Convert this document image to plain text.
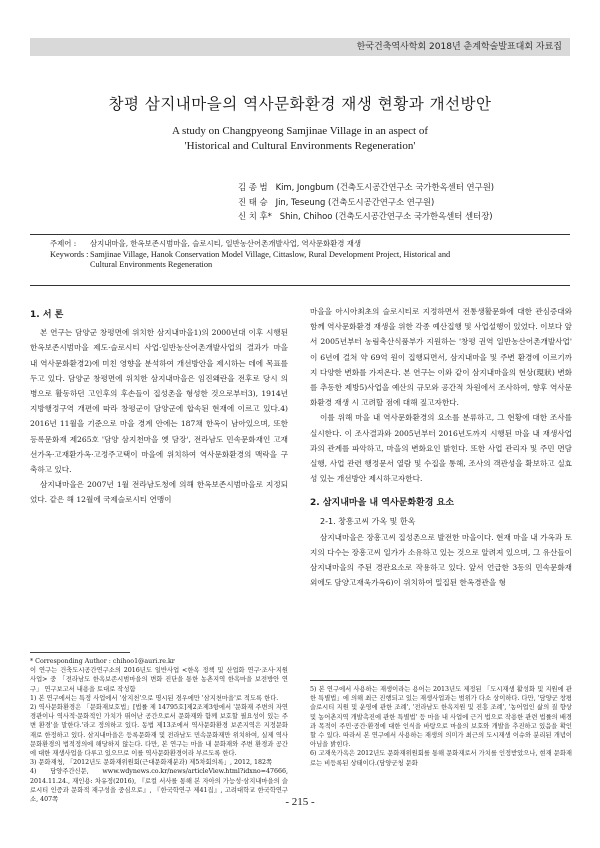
한국건축역사학회 2018년 춘계학술발표대회 자료집
창평 삼지내마을의 역사문화환경 재생 현황과 개선방안
A study on Changpyeong Samjinae Village in an aspect of
'Historical and Cultural Environments Regeneration'
김 종 범 Kim, Jongbum (건축도시공간연구소 국가한옥센터 연구원)
진 태 승 Jin, Teseung (건축도시공간연구소 연구원)
신 치 후* Shin, Chihoo (건축도시공간연구소 국가한옥센터 센터장)
주제어 :	삼지내마을, 한옥보존시범마을, 슬로시티, 일반농산어촌개발사업, 역사문화환경 재생
Keywords : Samjinae Village, Hanok Conservation Model Village, Cittaslow, Rural Development Project, Historical and
Cultural Environments Regeneration
1. 서 론

본 연구는 담양군 창평면에 위치한 삼지내마을1)의 2000년대 이후 시행된 한옥보존시범마을 제도·슬로시티 사업·일반농산어촌개발사업의 결과가 마을 내 역사문화환경2)에 미친 영향을 분석하여 개선방안을 제시하는 데에 목표를 두고 있다. 담양군 창평면에 위치한 삼지내마을은 임진왜란을 전후로 당시 의병으로 활동하던 고인후의 후손들이 집성촌을 형성한 것으로부터3), 1914년 지방행정구역 개편에 따라 창평군이 담양군에 합속된 현재에 이르고 있다.4) 2016년 11월을 기준으로 마을 경계 안에는 187채 한옥이 남아있으며, 또한 등록문화재 제265호 '담양 삼지천마을 옛 담장', 전라남도 민속문화재인 고재선가옥·고재환가옥·고정주고택이 마을에 위치하여 역사문화환경의 맥락을 구축하고 있다.

삼지내마을은 2007년 1월 전라남도청에 의해 한옥보존시범마을로 지정되었다. 같은 해 12월에 국제슬로시티 연맹이

마을을 아시아최초의 슬로시티로 지정하면서 전통생활문화에 대한 관심증대와 함께 역사문화환경 재생을 위한 각종 예산집행 및 사업설행이 있었다. 이보다 앞서 2005년부터 농림축산식품부가 지원하는 '창평 권역 일반농산어촌개발사업' 이 6년에 걸쳐 약 69억 원이 집행되면서, 삼지내마을 및 주변 환경에 이르기까지 다양한 변화를 가져온다. 본 연구는 이와 같이 삼지내마을의 현상(現狀) 변화를 추동한 제방5)사업을 예산의 규모와 공간적 차원에서 조사하여, 향후 역사문화환경 재생 시 고려할 점에 대해 짚고자한다.

이를 위해 마을 내 역사문화환경의 요소를 분류하고, 그 현황에 대한 조사를 실시한다. 이 조사결과와 2005년부터 2016년도까지 시행된 마을 내 재생사업과의 관계를 파악하고, 마을의 변화요인 밝힌다. 또한 사업 관리자 및 주민 면담 실행, 사업 관련 행정문서 열람 및 수집을 통해, 조사의 객관성을 확보하고 실효성 있는 개선방안 제시하고자한다.

2. 삼지내마을 내 역사문화환경 요소
2-1. 창흥고씨 가옥 및 한옥

삼지내마을은 장흥고씨 집성촌으로 발전한 마을이다. 현재 마을 내 가옥과 토지의 다수는 장흥고씨 일가가 소유하고 있는 것으로 알려져 있으며, 그 유산들이 삼지내마을의 주된 경관요소로 작용하고 있다. 앞서 언급한 3동의 민속문화재 외에도 담양고재욱가옥6)이 위치하여 밀집된 한옥경관을 형

* Corresponding Author : chihoo1@auri.re.kr
이 연구는 건축도시공간연구소의 2016년도 일반사업 <한옥 정책 및 산업화 연구·조사·지원 사업> 중 「전라남도 한옥보존시범마을의 변화 진단을 통한 농촌지역 한옥마을 보전방안 연구」 연구보고서 내용을 토대로 작성함
1) 본 연구에서는 특정 사업에서 '삼지천'으로 명시된 경우에만 '삼지천마을'로 적도록 한다.
2) 역사문화환경은 「문화재보호법」[법률 제 14795호]제2조제3항에서 '문화재 주변의 자연경관이나 역사적·문화적인 가치가 뛰어난 공간으로서 문화재와 함께 보호할 필요성이 있는 주변 환경'을 말한다.'라고 정의하고 있다. 동법 제13조에서 역사문화환경 보존지역은 지정문화재로 한정하고 있다. 삼지내마을은 등록문화재 및 전라남도 민속문화재만 위치하여, 실제 역사문화환경의 법적정의에 해당하지 않는다. 다만, 본 연구는 마을 내 문화재와 주변 환경과 공간에 대한 재생사업을 다루고 있으므로 이를 역사문화환경이라 부르도록 한다.
3) 문화재청, 「2012년도 문화재위원회(근대문화재분과) 제5차회의록」, 2012, 182쪽
4) 담양주간신문, www.wdynews.co.kr/news/articleView.html?idxno=47666, 2014.11.24., 재인용: 차유정(2016), 『로컬 서사를 통해 본 자아의 가능성·삼지내마을의 슬로시티 인증과 문화적 재구성을 중심으로』, 『한국학연구 제41집』, 고려대학교 한국학연구소, 407쪽
5) 본 연구에서 사용하는 재생이라는 용어는 2013년도 제정된 「도시재생 활성화 및 지원에 관한 특별법」에 의해 최근 진행되고 있는 재생사업과는 범위가 다소 상이하다. 다만, '담양군 창평슬로시티 지원 및 운영에 관한 조례', '전라남도 한옥지원 및 진흥 조례', '농어업인 삶의 질 향상 및 농어촌지역 개발촉진에 관한 특별법' 등 마을 내 사업에 근거 법으로 작용한 관련 법률의 배경과 목적이 주민·공간·환경에 대한 인식을 바탕으로 마을의 보호와 개발을 추진하고 있음을 확인할 수 있다. 따라서 본 연구에서 사용하는 재생의 의미가 최근의 도시재생 이슈와 분리된 개념이 아님을 밝힌다.
6) 고재욱가옥은 2012년도 문화재위원회를 통해 문화재로서 가치를 인정받았으나, 현재 문화재로는 비등록된 상태이다.(담양군청 문화
- 215 -
